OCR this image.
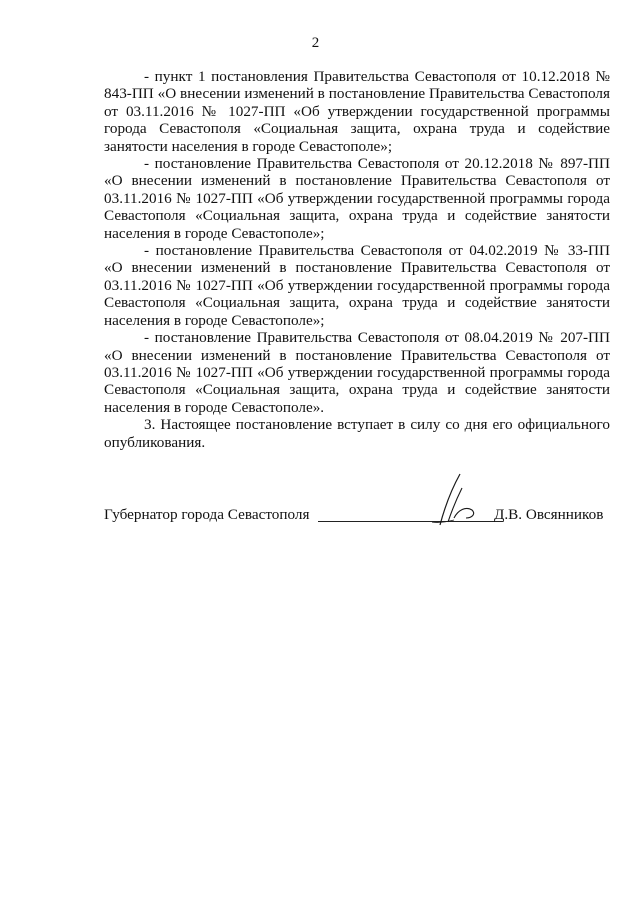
2

- пункт 1 постановления Правительства Севастополя от 10.12.2018 № 843-ПП «О внесении изменений в постановление Правительства Севастополя от 03.11.2016 № 1027-ПП «Об утверждении государственной программы города Севастополя «Социальная защита, охрана труда и содействие занятости населения в городе Севастополе»;

- постановление Правительства Севастополя от 20.12.2018 № 897-ПП «О внесении изменений в постановление Правительства Севастополя от 03.11.2016 № 1027-ПП «Об утверждении государственной программы города Севастополя «Социальная защита, охрана труда и содействие занятости населения в городе Севастополе»;

- постановление Правительства Севастополя от 04.02.2019 № 33-ПП «О внесении изменений в постановление Правительства Севастополя от 03.11.2016 № 1027-ПП «Об утверждении государственной программы города Севастополя «Социальная защита, охрана труда и содействие занятости населения в городе Севастополе»;

- постановление Правительства Севастополя от 08.04.2019 № 207-ПП «О внесении изменений в постановление Правительства Севастополя от 03.11.2016 № 1027-ПП «Об утверждении государственной программы города Севастополя «Социальная защита, охрана труда и содействие занятости населения в городе Севастополе».

3. Настоящее постановление вступает в силу со дня его официального опубликования.

Губернатор города Севастополя	Д.В. Овсянников
